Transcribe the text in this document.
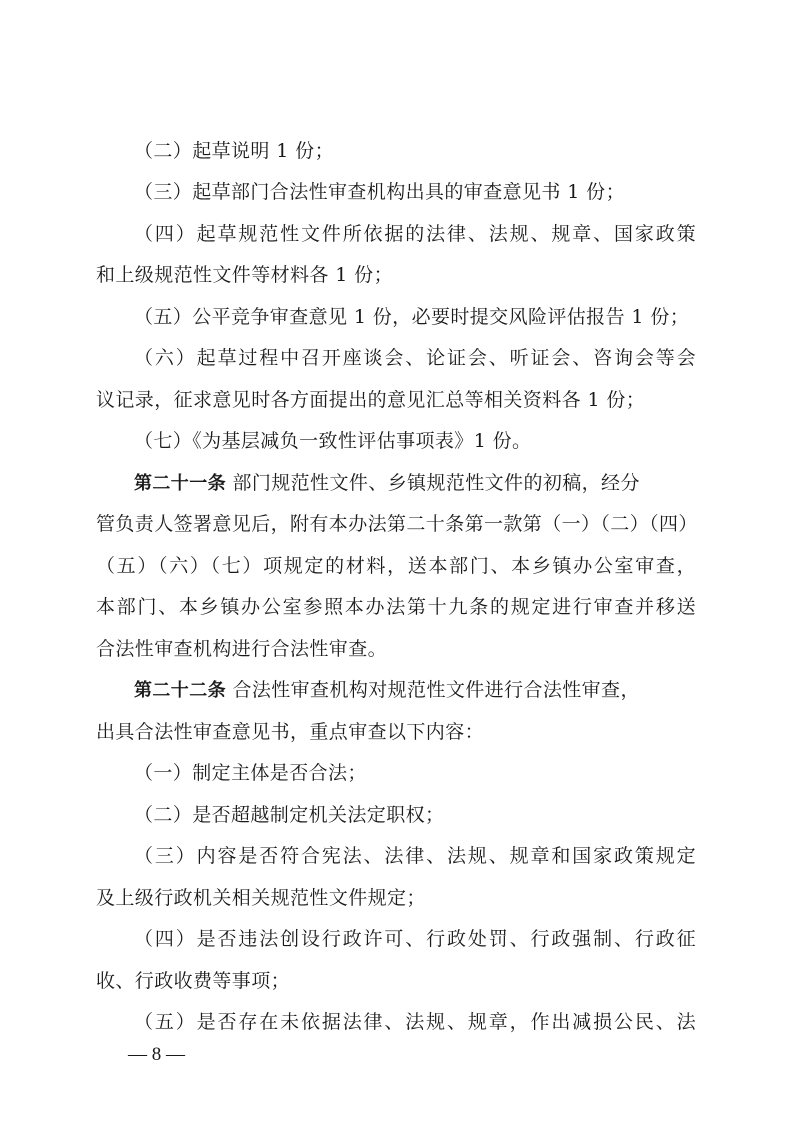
（二）起草说明 1 份；
（三）起草部门合法性审查机构出具的审查意见书 1 份；
（四）起草规范性文件所依据的法律、法规、规章、国家政策
和上级规范性文件等材料各 1 份；
（五）公平竞争审查意见 1 份，必要时提交风险评估报告 1 份；
（六）起草过程中召开座谈会、论证会、听证会、咨询会等会
议记录，征求意见时各方面提出的意见汇总等相关资料各 1 份；
（七）《为基层减负一致性评估事项表》1 份。
第二十一条 部门规范性文件、乡镇规范性文件的初稿，经分
管负责人签署意见后，附有本办法第二十条第一款第（一）（二）（四）
（五）（六）（七）项规定的材料，送本部门、本乡镇办公室审查，
本部门、本乡镇办公室参照本办法第十九条的规定进行审查并移送
合法性审查机构进行合法性审查。
第二十二条 合法性审查机构对规范性文件进行合法性审查，
出具合法性审查意见书，重点审查以下内容：
（一）制定主体是否合法；
（二）是否超越制定机关法定职权；
（三）内容是否符合宪法、法律、法规、规章和国家政策规定
及上级行政机关相关规范性文件规定；
（四）是否违法创设行政许可、行政处罚、行政强制、行政征
收、行政收费等事项；
（五）是否存在未依据法律、法规、规章，作出减损公民、法
— 8 —
